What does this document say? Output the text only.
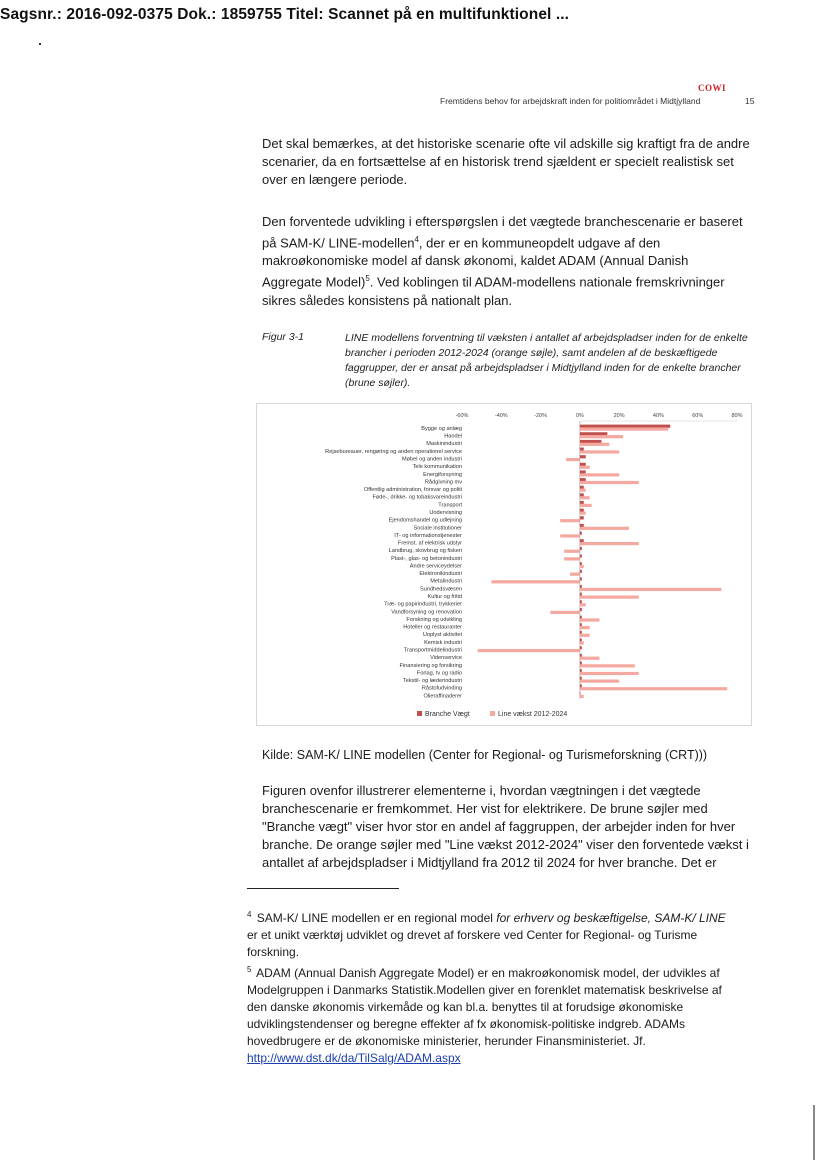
Sagsnr.: 2016-092-0375 Dok.: 1859755 Titel: Scannet på en multifunktionel ...
COWI
Fremtidens behov for arbejdskraft inden for politiområdet i Midtjylland	15
Det skal bemærkes, at det historiske scenarie ofte vil adskille sig kraftigt fra de andre scenarier, da en fortsættelse af en historisk trend sjældent er specielt realistisk set over en længere periode.
Den forventede udvikling i efterspørgslen i det vægtede branchescenarie er baseret på SAM-K/ LINE-modellen$^4$, der er en kommuneopdelt udgave af den makroøkonomiske model af dansk økonomi, kaldet ADAM (Annual Danish Aggregate Model)$^5$. Ved koblingen til ADAM-modellens nationale fremskrivninger sikres således konsistens på nationalt plan.
Figur 3-1	LINE modellens forventning til væksten i antallet af arbejdspladser inden for de enkelte brancher i perioden 2012-2024 (orange søjle), samt andelen af de beskæftigede faggrupper, der er ansat på arbejdspladser i Midtjylland inden for de enkelte brancher (brune søjler).
-60%	-40%	-20%	0%	20%	40%	60%	80%
Bygge og anlæg
Handel
Maskinindustri
Rejsebureauer, rengøring og anden operationel service
Møbel og anden industri
Tele kommunikation
Energiforsyning
Rådgivning mv
Offentlig administration, forsvar og politi
Føde-, drikke- og tobaksvareindustri
Transport
Undervisning
Ejendomshandel og udlejning
Sociale institutioner
IT- og informationstjenester
Fremst. af elektrisk udstyr
Landbrug, skovbrug og fiskeri
Plast-, glas- og betonindustri
Andre serviceydelser
Elektronikindustri
Metalindustri
Sundhedsvæsen
Kultur og fritid
Træ- og papirindustri, trykkerier
Vandforsyning og renovation
Forskning og udvikling
Hoteller og restauranter
Uoplyst aktivitet
Kemisk industri
Transportmiddelindustri
Videnservice
Finansiering og forsikring
Forlag, tv og radio
Tekstil- og læderindustri
Råstofudvinding
Olieraffinaderer
Branche Vægt	Line vækst 2012-2024
Kilde: SAM-K/ LINE modellen (Center for Regional- og Turismeforskning (CRT)))
Figuren ovenfor illustrerer elementerne i, hvordan vægtningen i det vægtede branchescenarie er fremkommet. Her vist for elektrikere. De brune søjler med "Branche vægt" viser hvor stor en andel af faggruppen, der arbejder inden for hver branche. De orange søjler med "Line vækst 2012-2024" viser den forventede vækst i antallet af arbejdspladser i Midtjylland fra 2012 til 2024 for hver branche. Det er
$^4$ SAM-K/ LINE modellen er en regional model for erhverv og beskæftigelse, SAM-K/ LINE er et unikt værktøj udviklet og drevet af forskere ved Center for Regional- og Turisme forskning.
$^5$ ADAM (Annual Danish Aggregate Model) er en makroøkonomisk model, der udvikles af Modelgruppen i Danmarks Statistik.Modellen giver en forenklet matematisk beskrivelse af den danske økonomis virkemåde og kan bl.a. benyttes til at forudsige økonomiske udviklingstendenser og beregne effekter af fx økonomisk-politiske indgreb. ADAMs hovedbrugere er de økonomiske ministerier, herunder Finansministeriet. Jf. http://www.dst.dk/da/TilSalg/ADAM.aspx
